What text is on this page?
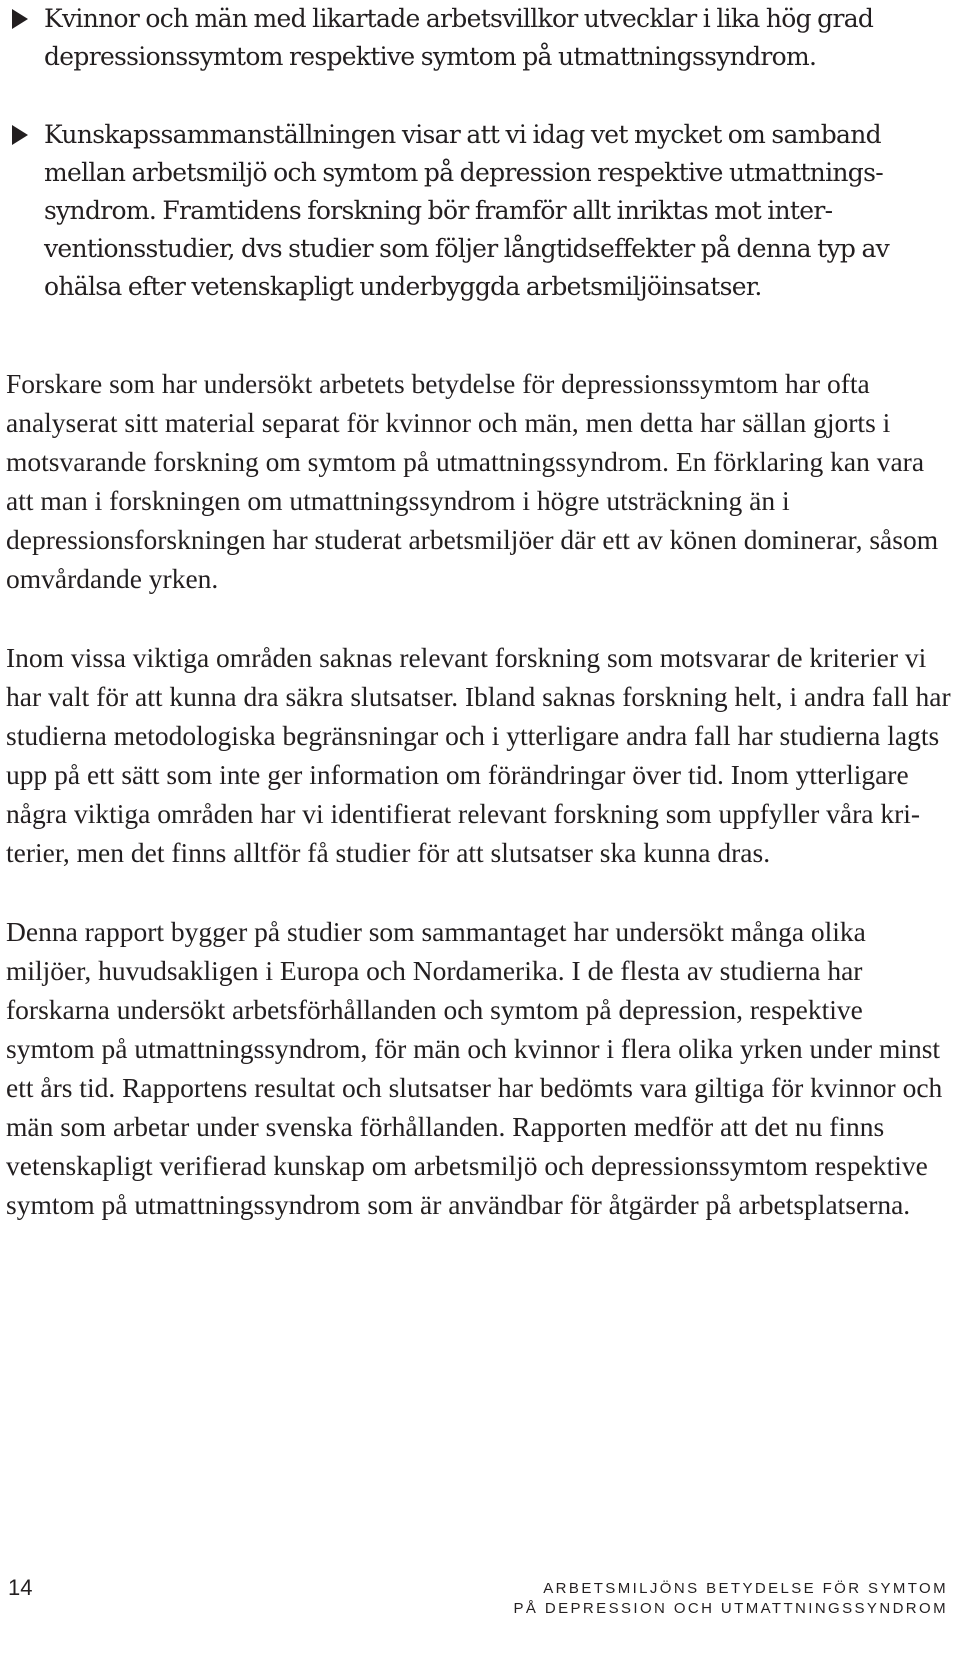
Kvinnor och män med likartade arbetsvillkor utvecklar i lika hög grad depressionssymtom respektive symtom på utmattningssyndrom.
Kunskapssammanställningen visar att vi idag vet mycket om samband mellan arbetsmiljö och symtom på depression respektive utmattningssyndrom. Framtidens forskning bör framför allt inriktas mot interventionsstudier, dvs studier som följer långtidseffekter på denna typ av ohälsa efter vetenskapligt underbyggda arbetsmiljöinsatser.

Forskare som har undersökt arbetets betydelse för depressionssymtom har ofta analyserat sitt material separat för kvinnor och män, men detta har sällan gjorts i motsvarande forskning om symtom på utmattningssyndrom. En förklaring kan vara att man i forskningen om utmattningssyndrom i högre utsträckning än i depressionsforskningen har studerat arbetsmiljöer där ett av könen dominerar, såsom omvårdande yrken.

Inom vissa viktiga områden saknas relevant forskning som motsvarar de kriterier vi har valt för att kunna dra säkra slutsatser. Ibland saknas forskning helt, i andra fall har studierna metodologiska begränsningar och i ytterligare andra fall har studierna lagts upp på ett sätt som inte ger information om förändringar över tid. Inom ytterligare några viktiga områden har vi identifierat relevant forskning som uppfyller våra kriterier, men det finns alltför få studier för att slutsatser ska kunna dras.

Denna rapport bygger på studier som sammantaget har undersökt många olika miljöer, huvudsakligen i Europa och Nordamerika. I de flesta av studierna har forskarna undersökt arbetsförhållanden och symtom på depression, respektive symtom på utmattningssyndrom, för män och kvinnor i flera olika yrken under minst ett års tid. Rapportens resultat och slutsatser har bedömts vara giltiga för kvinnor och män som arbetar under svenska förhållanden. Rapporten medför att det nu finns vetenskapligt verifierad kunskap om arbetsmiljö och depressionssymtom respektive symtom på utmattningssyndrom som är användbar för åtgärder på arbetsplatserna.

14	ARBETSMILJÖNS BETYDELSE FÖR SYMTOM
PÅ DEPRESSION OCH UTMATTNINGSSYNDROM
